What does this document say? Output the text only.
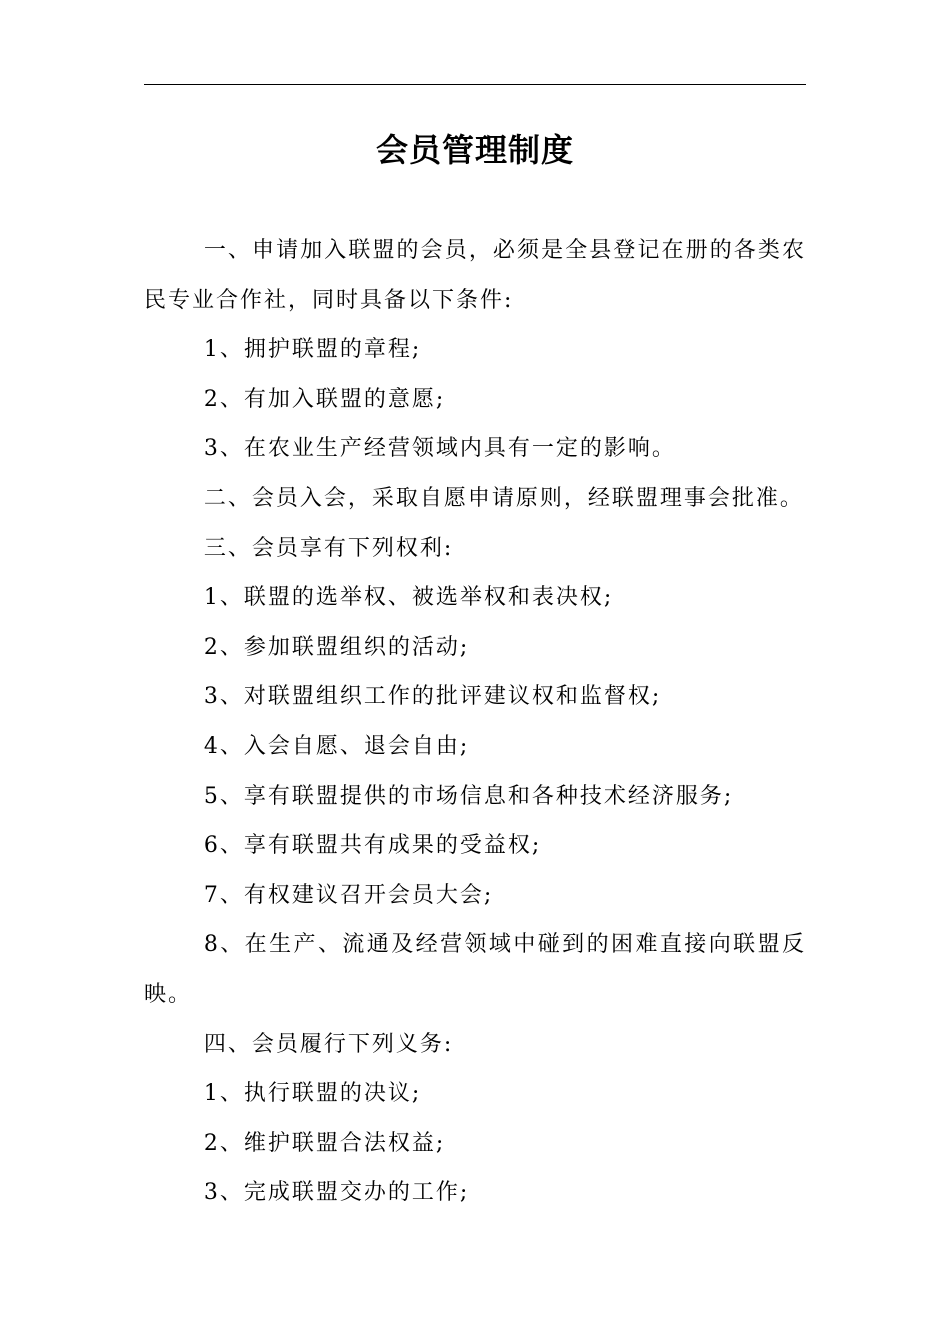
会员管理制度

一、申请加入联盟的会员，必须是全县登记在册的各类农民专业合作社，同时具备以下条件:

1、拥护联盟的章程;

2、有加入联盟的意愿;

3、在农业生产经营领域内具有一定的影响。

二、会员入会，采取自愿申请原则，经联盟理事会批准。

三、会员享有下列权利:

1、联盟的选举权、被选举权和表决权;

2、参加联盟组织的活动;

3、对联盟组织工作的批评建议权和监督权;

4、入会自愿、退会自由;

5、享有联盟提供的市场信息和各种技术经济服务;

6、享有联盟共有成果的受益权;

7、有权建议召开会员大会;

8、在生产、流通及经营领域中碰到的困难直接向联盟反映。

四、会员履行下列义务:

1、执行联盟的决议;

2、维护联盟合法权益;

3、完成联盟交办的工作;
